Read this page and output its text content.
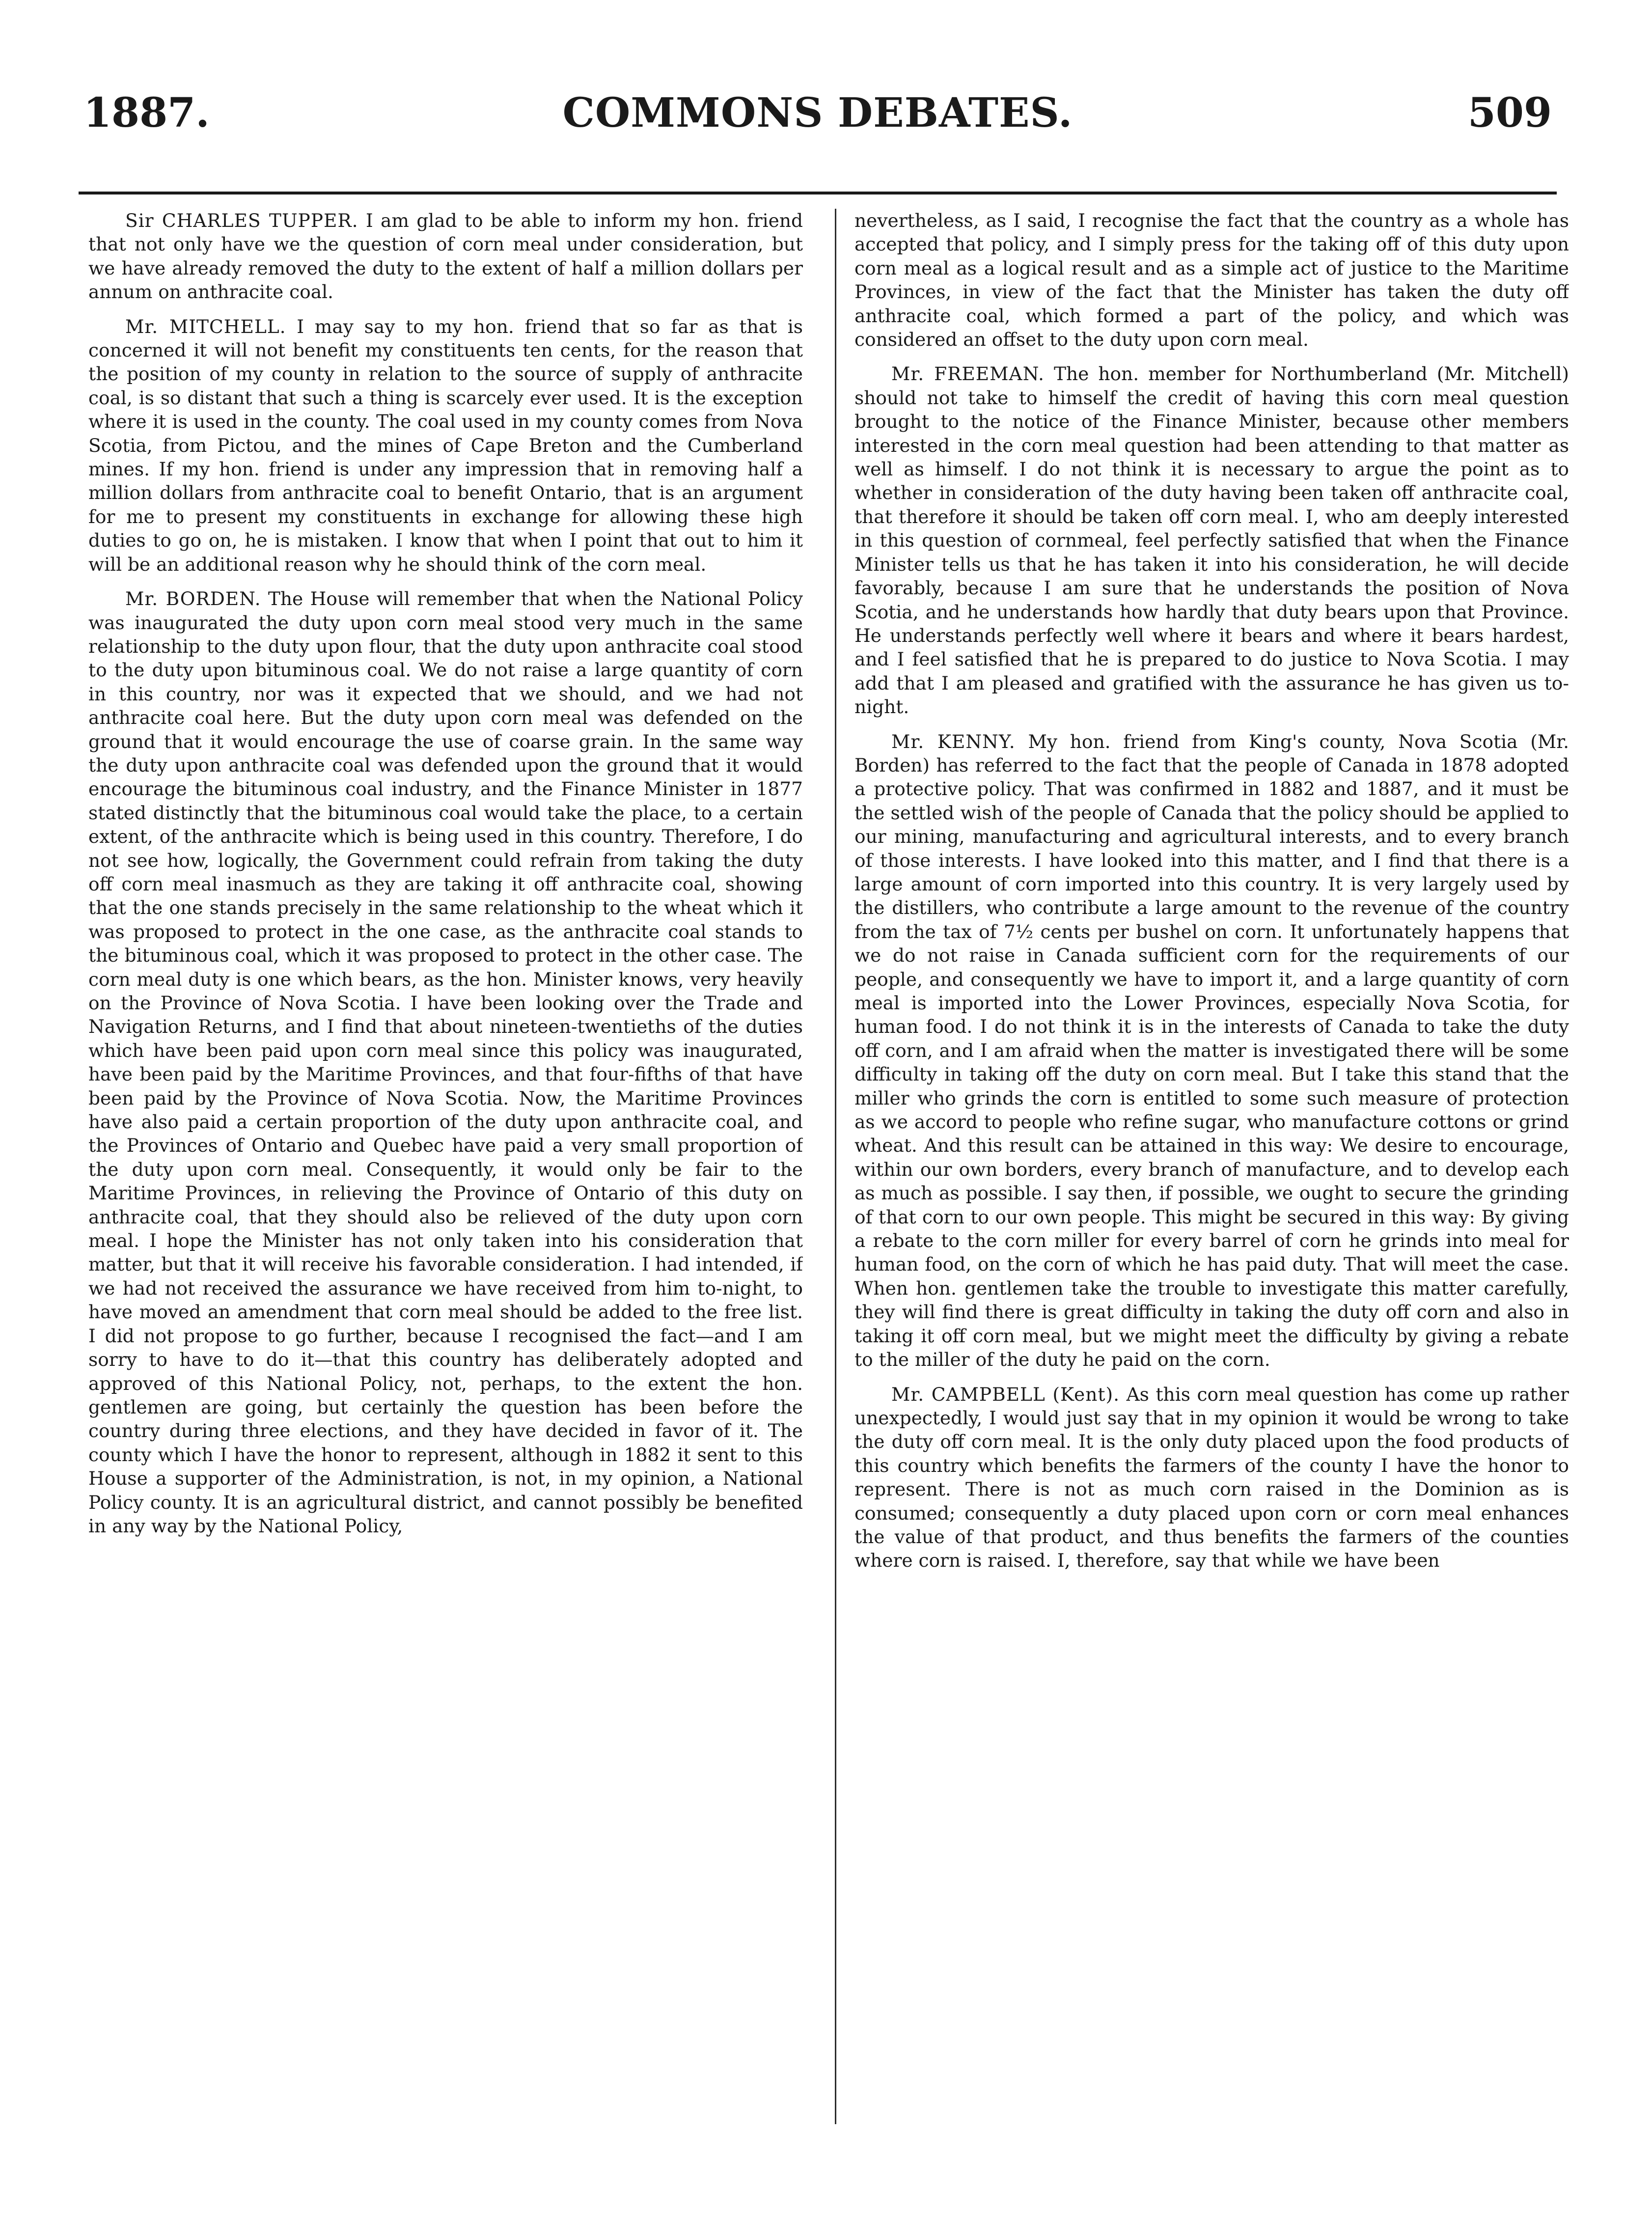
1887.	COMMONS DEBATES.	509

Sir CHARLES TUPPER. I am glad to be able to inform my hon. friend that not only have we the question of corn meal under consideration, but we have already removed the duty to the extent of half a million dollars per annum on anthracite coal.

Mr. MITCHELL. I may say to my hon. friend that so far as that is concerned it will not benefit my constituents ten cents, for the reason that the position of my county in relation to the source of supply of anthracite coal, is so distant that such a thing is scarcely ever used. It is the exception where it is used in the county. The coal used in my county comes from Nova Scotia, from Pictou, and the mines of Cape Breton and the Cumberland mines. If my hon. friend is under any impression that in removing half a million dollars from anthracite coal to benefit Ontario, that is an argument for me to present my constituents in exchange for allowing these high duties to go on, he is mistaken. I know that when I point that out to him it will be an additional reason why he should think of the corn meal.

Mr. BORDEN. The House will remember that when the National Policy was inaugurated the duty upon corn meal stood very much in the same relationship to the duty upon flour, that the duty upon anthracite coal stood to the duty upon bituminous coal. We do not raise a large quantity of corn in this country, nor was it expected that we should, and we had not anthracite coal here. But the duty upon corn meal was defended on the ground that it would encourage the use of coarse grain. In the same way the duty upon anthracite coal was defended upon the ground that it would encourage the bituminous coal industry, and the Finance Minister in 1877 stated distinctly that the bituminous coal would take the place, to a certain extent, of the anthracite which is being used in this country. Therefore, I do not see how, logically, the Government could refrain from taking the duty off corn meal inasmuch as they are taking it off anthracite coal, showing that the one stands precisely in the same relationship to the wheat which it was proposed to protect in the one case, as the anthracite coal stands to the bituminous coal, which it was proposed to protect in the other case. The corn meal duty is one which bears, as the hon. Minister knows, very heavily on the Province of Nova Scotia. I have been looking over the Trade and Navigation Returns, and I find that about nineteen-twentieths of the duties which have been paid upon corn meal since this policy was inaugurated, have been paid by the Maritime Provinces, and that four-fifths of that have been paid by the Province of Nova Scotia. Now, the Maritime Provinces have also paid a certain proportion of the duty upon anthracite coal, and the Provinces of Ontario and Quebec have paid a very small proportion of the duty upon corn meal. Consequently, it would only be fair to the Maritime Provinces, in relieving the Province of Ontario of this duty on anthracite coal, that they should also be relieved of the duty upon corn meal. I hope the Minister has not only taken into his consideration that matter, but that it will receive his favorable consideration. I had intended, if we had not received the assurance we have received from him to-night, to have moved an amendment that corn meal should be added to the free list. I did not propose to go further, because I recognised the fact—and I am sorry to have to do it—that this country has deliberately adopted and approved of this National Policy, not, perhaps, to the extent the hon. gentlemen are going, but certainly the question has been before the country during three elections, and they have decided in favor of it. The county which I have the honor to represent, although in 1882 it sent to this House a supporter of the Administration, is not, in my opinion, a National Policy county. It is an agricultural district, and cannot possibly be benefited in any way by the National Policy,

nevertheless, as I said, I recognise the fact that the country as a whole has accepted that policy, and I simply press for the taking off of this duty upon corn meal as a logical result and as a simple act of justice to the Maritime Provinces, in view of the fact that the Minister has taken the duty off anthracite coal, which formed a part of the policy, and which was considered an offset to the duty upon corn meal.

Mr. FREEMAN. The hon. member for Northumberland (Mr. Mitchell) should not take to himself the credit of having this corn meal question brought to the notice of the Finance Minister, because other members interested in the corn meal question had been attending to that matter as well as himself. I do not think it is necessary to argue the point as to whether in consideration of the duty having been taken off anthracite coal, that therefore it should be taken off corn meal. I, who am deeply interested in this question of cornmeal, feel perfectly satisfied that when the Finance Minister tells us that he has taken it into his consideration, he will decide favorably, because I am sure that he understands the position of Nova Scotia, and he understands how hardly that duty bears upon that Province. He understands perfectly well where it bears and where it bears hardest, and I feel satisfied that he is prepared to do justice to Nova Scotia. I may add that I am pleased and gratified with the assurance he has given us to-night.

Mr. KENNY. My hon. friend from King's county, Nova Scotia (Mr. Borden) has referred to the fact that the people of Canada in 1878 adopted a protective policy. That was confirmed in 1882 and 1887, and it must be the settled wish of the people of Canada that the policy should be applied to our mining, manufacturing and agricultural interests, and to every branch of those interests. I have looked into this matter, and I find that there is a large amount of corn imported into this country. It is very largely used by the distillers, who contribute a large amount to the revenue of the country from the tax of 7½ cents per bushel on corn. It unfortunately happens that we do not raise in Canada sufficient corn for the requirements of our people, and consequently we have to import it, and a large quantity of corn meal is imported into the Lower Provinces, especially Nova Scotia, for human food. I do not think it is in the interests of Canada to take the duty off corn, and I am afraid when the matter is investigated there will be some difficulty in taking off the duty on corn meal. But I take this stand that the miller who grinds the corn is entitled to some such measure of protection as we accord to people who refine sugar, who manufacture cottons or grind wheat. And this result can be attained in this way: We desire to encourage, within our own borders, every branch of manufacture, and to develop each as much as possible. I say then, if possible, we ought to secure the grinding of that corn to our own people. This might be secured in this way: By giving a rebate to the corn miller for every barrel of corn he grinds into meal for human food, on the corn of which he has paid duty. That will meet the case. When hon. gentlemen take the trouble to investigate this matter carefully, they will find there is great difficulty in taking the duty off corn and also in taking it off corn meal, but we might meet the difficulty by giving a rebate to the miller of the duty he paid on the corn.

Mr. CAMPBELL (Kent). As this corn meal question has come up rather unexpectedly, I would just say that in my opinion it would be wrong to take the duty off corn meal. It is the only duty placed upon the food products of this country which benefits the farmers of the county I have the honor to represent. There is not as much corn raised in the Dominion as is consumed; consequently a duty placed upon corn or corn meal enhances the value of that product, and thus benefits the farmers of the counties where corn is raised. I, therefore, say that while we have been
